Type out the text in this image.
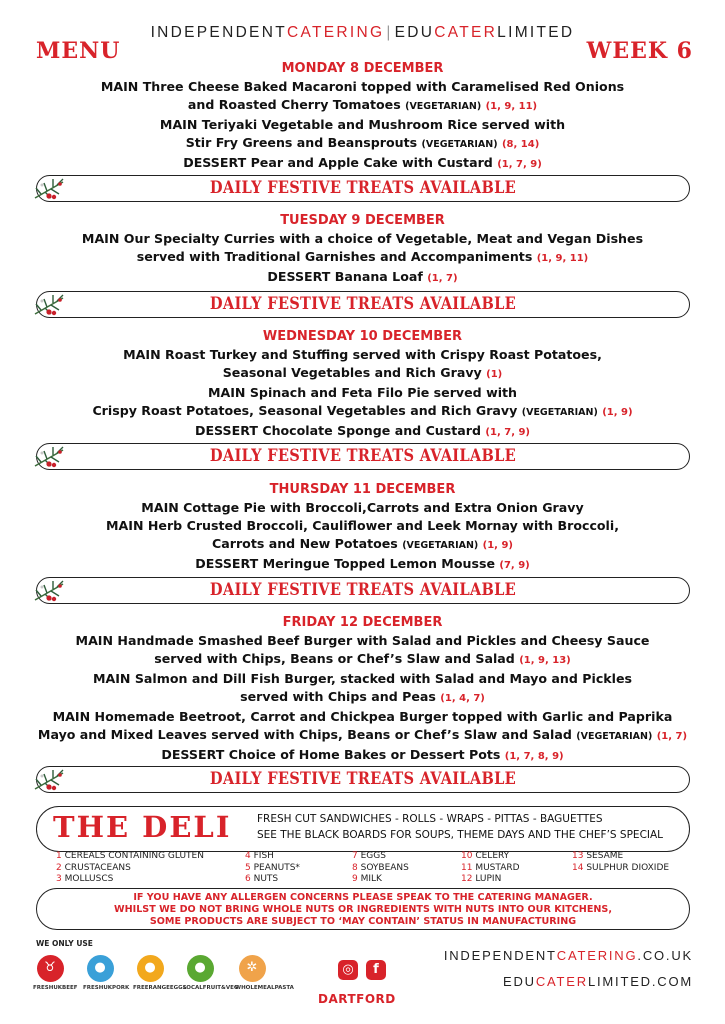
MENU	WEEK 6
INDEPENDENTCATERING | EDUCATERLIMITED
MONDAY 8 DECEMBER
MAIN Three Cheese Baked Macaroni topped with Caramelised Red Onions
and Roasted Cherry Tomatoes (VEGETARIAN) (1, 9, 11)
MAIN Teriyaki Vegetable and Mushroom Rice served with
Stir Fry Greens and Beansprouts (VEGETARIAN) (8, 14)
DESSERT Pear and Apple Cake with Custard (1, 7, 9)
DAILY FESTIVE TREATS AVAILABLE
TUESDAY 9 DECEMBER
MAIN Our Specialty Curries with a choice of Vegetable, Meat and Vegan Dishes
served with Traditional Garnishes and Accompaniments (1, 9, 11)
DESSERT Banana Loaf (1, 7)
DAILY FESTIVE TREATS AVAILABLE
WEDNESDAY 10 DECEMBER
MAIN Roast Turkey and Stuffing served with Crispy Roast Potatoes,
Seasonal Vegetables and Rich Gravy (1)
MAIN Spinach and Feta Filo Pie served with
Crispy Roast Potatoes, Seasonal Vegetables and Rich Gravy (VEGETARIAN) (1, 9)
DESSERT Chocolate Sponge and Custard (1, 7, 9)
DAILY FESTIVE TREATS AVAILABLE
THURSDAY 11 DECEMBER
MAIN Cottage Pie with Broccoli,Carrots and Extra Onion Gravy
MAIN Herb Crusted Broccoli, Cauliflower and Leek Mornay with Broccoli,
Carrots and New Potatoes (VEGETARIAN) (1, 9)
DESSERT Meringue Topped Lemon Mousse (7, 9)
DAILY FESTIVE TREATS AVAILABLE
FRIDAY 12 DECEMBER
MAIN Handmade Smashed Beef Burger with Salad and Pickles and Cheesy Sauce
served with Chips, Beans or Chef’s Slaw and Salad (1, 9, 13)
MAIN Salmon and Dill Fish Burger, stacked with Salad and Mayo and Pickles
served with Chips and Peas (1, 4, 7)
MAIN Homemade Beetroot, Carrot and Chickpea Burger topped with Garlic and Paprika
Mayo and Mixed Leaves served with Chips, Beans or Chef’s Slaw and Salad (VEGETARIAN) (1, 7)
DESSERT Choice of Home Bakes or Dessert Pots (1, 7, 8, 9)
DAILY FESTIVE TREATS AVAILABLE
THE DELI FRESH CUT SANDWICHES - ROLLS - WRAPS - PITTAS - BAGUETTES
SEE THE BLACK BOARDS FOR SOUPS, THEME DAYS AND THE CHEF’S SPECIAL
1 CEREALS CONTAINING GLUTEN
2 CRUSTACEANS
3 MOLLUSCS
4 FISH
5 PEANUTS*
6 NUTS
7 EGGS
8 SOYBEANS
9 MILK
10 CELERY
11 MUSTARD
12 LUPIN
13 SESAME
14 SULPHUR DIOXIDE
IF YOU HAVE ANY ALLERGEN CONCERNS PLEASE SPEAK TO THE CATERING MANAGER.
WHILST WE DO NOT BRING WHOLE NUTS OR INGREDIENTS WITH NUTS INTO OUR KITCHENS,
SOME PRODUCTS ARE SUBJECT TO ‘MAY CONTAIN’ STATUS IN MANUFACTURING
WE ONLY USE
♉
FRESHUKBEEF
●
FRESHUKPORK
●
FREERANGEEGGS
●
LOCALFRUIT&VEG
✲
WHOLEMEALPASTA
◎	f
DARTFORD
INDEPENDENTCATERING.CO.UK
EDUCATERLIMITED.COM
